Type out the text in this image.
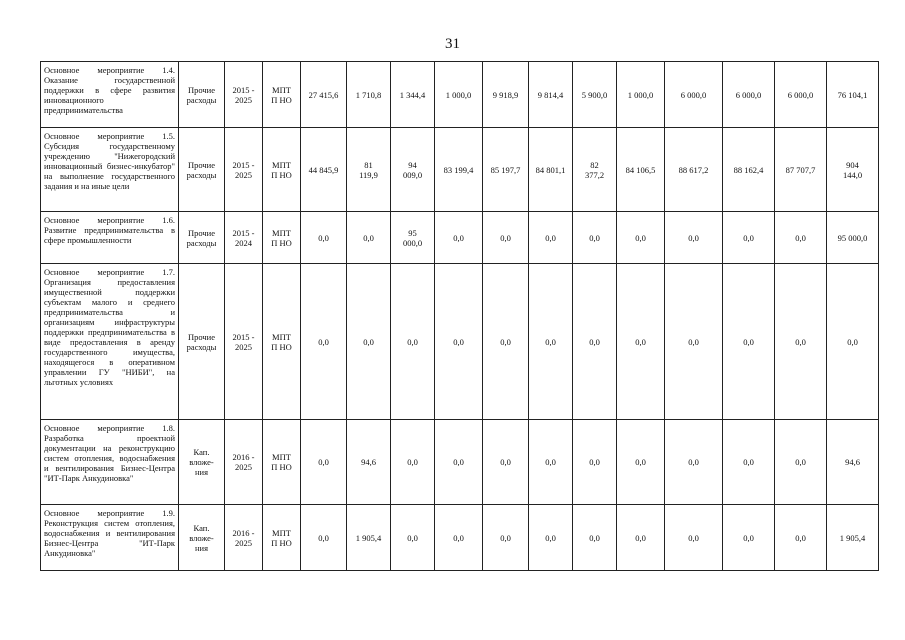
31
Основное мероприятие 1.4. Оказание государственной поддержки в сфере развития инновационного предпринимательства	Прочие
расходы	2015 -
2025	МПТ
П НО	27 415,6	1 710,8	1 344,4	1 000,0	9 918,9	9 814,4	5 900,0	1 000,0	6 000,0	6 000,0	6 000,0	76 104,1

Основное мероприятие 1.5. Субсидия государственному учреждению "Нижегородский инновационный бизнес-инкубатор" на выполнение государственного задания и на иные цели	Прочие
расходы	2015 -
2025	МПТ
П НО	44 845,9	81
119,9	94
009,0	83 199,4	85 197,7	84 801,1	82
377,2	84 106,5	88 617,2	88 162,4	87 707,7	904
144,0

Основное мероприятие 1.6. Развитие предпринимательства в сфере промышленности	Прочие
расходы	2015 -
2024	МПТ
П НО	0,0	0,0	95
000,0	0,0	0,0	0,0	0,0	0,0	0,0	0,0	0,0	95 000,0

Основное мероприятие 1.7. Организация предоставления имущественной поддержки субъектам малого и среднего предпринимательства и организациям инфраструктуры поддержки предпринимательства в виде предоставления в аренду государственного имущества, находящегося в оперативном управлении ГУ "НИБИ", на льготных условиях	Прочие
расходы	2015 -
2025	МПТ
П НО	0,0	0,0	0,0	0,0	0,0	0,0	0,0	0,0	0,0	0,0	0,0	0,0

Основное мероприятие 1.8. Разработка проектной документации на реконструкцию систем отопления, водоснабжения и вентилирования Бизнес-Центра "ИТ-Парк Анкудиновка"	Кап.
вложе-
ния	2016 -
2025	МПТ
П НО	0,0	94,6	0,0	0,0	0,0	0,0	0,0	0,0	0,0	0,0	0,0	94,6

Основное мероприятие 1.9. Реконструкция систем отопления, водоснабжения и вентилирования Бизнес-Центра "ИТ-Парк Анкудиновка"	Кап.
вложе-
ния	2016 -
2025	МПТ
П НО	0,0	1 905,4	0,0	0,0	0,0	0,0	0,0	0,0	0,0	0,0	0,0	1 905,4
